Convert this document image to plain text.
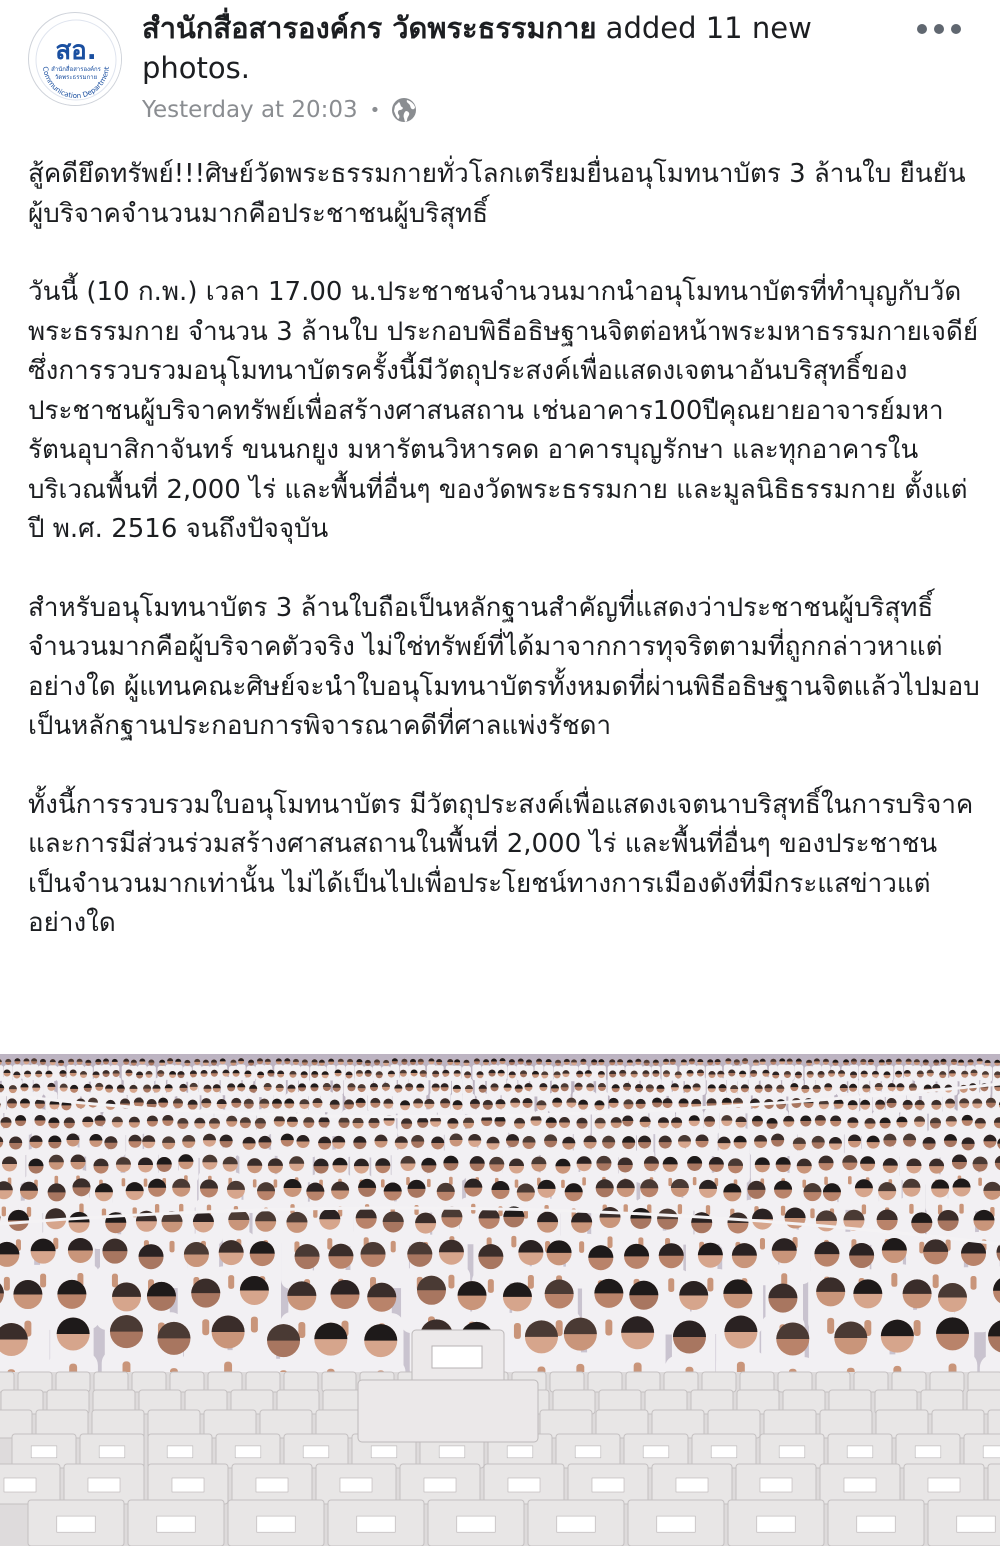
สอ.
สำนักสื่อสารองค์กร
วัดพระธรรมกาย
Communication Department
สำนักสื่อสารองค์กร วัดพระธรรมกาย added 11 new photos.
Yesterday at 20:03 •

สู้คดียึดทรัพย์!!!ศิษย์วัดพระธรรมกายทั่วโลกเตรียมยื่นอนุโมทนาบัตร 3 ล้านใบ ยืนยันผู้บริจาคจำนวนมากคือประชาชนผู้บริสุทธิ์

วันนี้ (10 ก.พ.) เวลา 17.00 น.ประชาชนจำนวนมากนำอนุโมทนาบัตรที่ทำบุญกับวัดพระธรรมกาย จำนวน 3 ล้านใบ ประกอบพิธีอธิษฐานจิตต่อหน้าพระมหาธรรมกายเจดีย์ ซึ่งการรวบรวมอนุโมทนาบัตรครั้งนี้มีวัตถุประสงค์เพื่อแสดงเจตนาอันบริสุทธิ์ของประชาชนผู้บริจาคทรัพย์เพื่อสร้างศาสนสถาน เช่นอาคาร100ปีคุณยายอาจารย์มหารัตนอุบาสิกาจันทร์ ขนนกยูง มหารัตนวิหารคด อาคารบุญรักษา และทุกอาคารในบริเวณพื้นที่ 2,000 ไร่ และพื้นที่อื่นๆ ของวัดพระธรรมกาย และมูลนิธิธรรมกาย ตั้งแต่ปี พ.ศ. 2516 จนถึงปัจจุบัน

สำหรับอนุโมทนาบัตร 3 ล้านใบถือเป็นหลักฐานสำคัญที่แสดงว่าประชาชนผู้บริสุทธิ์จำนวนมากคือผู้บริจาคตัวจริง ไม่ใช่ทรัพย์ที่ได้มาจากการทุจริตตามที่ถูกกล่าวหาแต่อย่างใด ผู้แทนคณะศิษย์จะนำใบอนุโมทนาบัตรทั้งหมดที่ผ่านพิธีอธิษฐานจิตแล้วไปมอบเป็นหลักฐานประกอบการพิจารณาคดีที่ศาลแพ่งรัชดา

ทั้งนี้การรวบรวมใบอนุโมทนาบัตร มีวัตถุประสงค์เพื่อแสดงเจตนาบริสุทธิ์ในการบริจาคและการมีส่วนร่วมสร้างศาสนสถานในพื้นที่ 2,000 ไร่ และพื้นที่อื่นๆ ของประชาชนเป็นจำนวนมากเท่านั้น ไม่ได้เป็นไปเพื่อประโยชน์ทางการเมืองดังที่มีกระแสข่าวแต่อย่างใด
